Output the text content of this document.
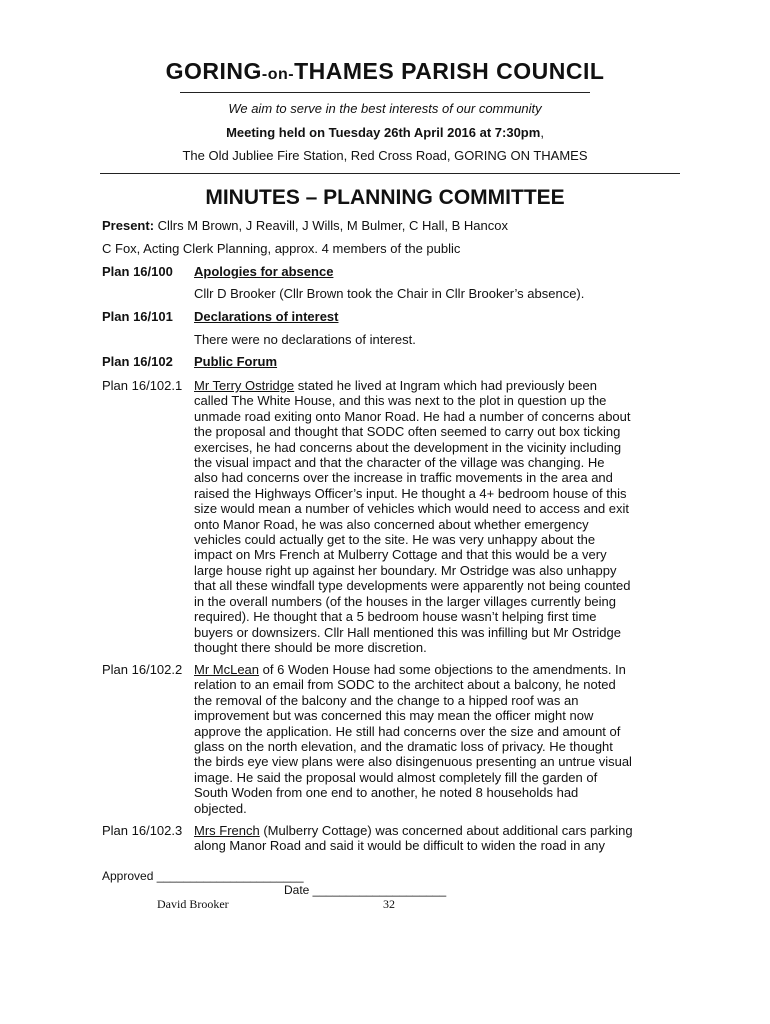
GORING-on-THAMES PARISH COUNCIL
We aim to serve in the best interests of our community
Meeting held on Tuesday 26th April 2016 at 7:30pm,
The Old Jubliee Fire Station, Red Cross Road, GORING ON THAMES
MINUTES – PLANNING COMMITTEE
Present: Cllrs M Brown, J Reavill, J Wills, M Bulmer, C Hall, B Hancox
C Fox, Acting Clerk Planning, approx. 4 members of the public
Plan 16/100 Apologies for absence
Cllr D Brooker (Cllr Brown took the Chair in Cllr Brooker’s absence).
Plan 16/101 Declarations of interest
There were no declarations of interest.
Plan 16/102 Public Forum
Plan 16/102.1 Mr Terry Ostridge stated he lived at Ingram which had previously been
called The White House, and this was next to the plot in question up the
unmade road exiting onto Manor Road. He had a number of concerns about
the proposal and thought that SODC often seemed to carry out box ticking
exercises, he had concerns about the development in the vicinity including
the visual impact and that the character of the village was changing. He
also had concerns over the increase in traffic movements in the area and
raised the Highways Officer’s input. He thought a 4+ bedroom house of this
size would mean a number of vehicles which would need to access and exit
onto Manor Road, he was also concerned about whether emergency
vehicles could actually get to the site. He was very unhappy about the
impact on Mrs French at Mulberry Cottage and that this would be a very
large house right up against her boundary. Mr Ostridge was also unhappy
that all these windfall type developments were apparently not being counted
in the overall numbers (of the houses in the larger villages currently being
required). He thought that a 5 bedroom house wasn’t helping first time
buyers or downsizers. Cllr Hall mentioned this was infilling but Mr Ostridge
thought there should be more discretion.
Plan 16/102.2 Mr McLean of 6 Woden House had some objections to the amendments. In
relation to an email from SODC to the architect about a balcony, he noted
the removal of the balcony and the change to a hipped roof was an
improvement but was concerned this may mean the officer might now
approve the application. He still had concerns over the size and amount of
glass on the north elevation, and the dramatic loss of privacy. He thought
the birds eye view plans were also disingenuous presenting an untrue visual
image. He said the proposal would almost completely fill the garden of
South Woden from one end to another, he noted 8 households had
objected.
Plan 16/102.3 Mrs French (Mulberry Cottage) was concerned about additional cars parking
along Manor Road and said it would be difficult to widen the road in any
Approved ______________________
Date ____________________
David Brooker	32
